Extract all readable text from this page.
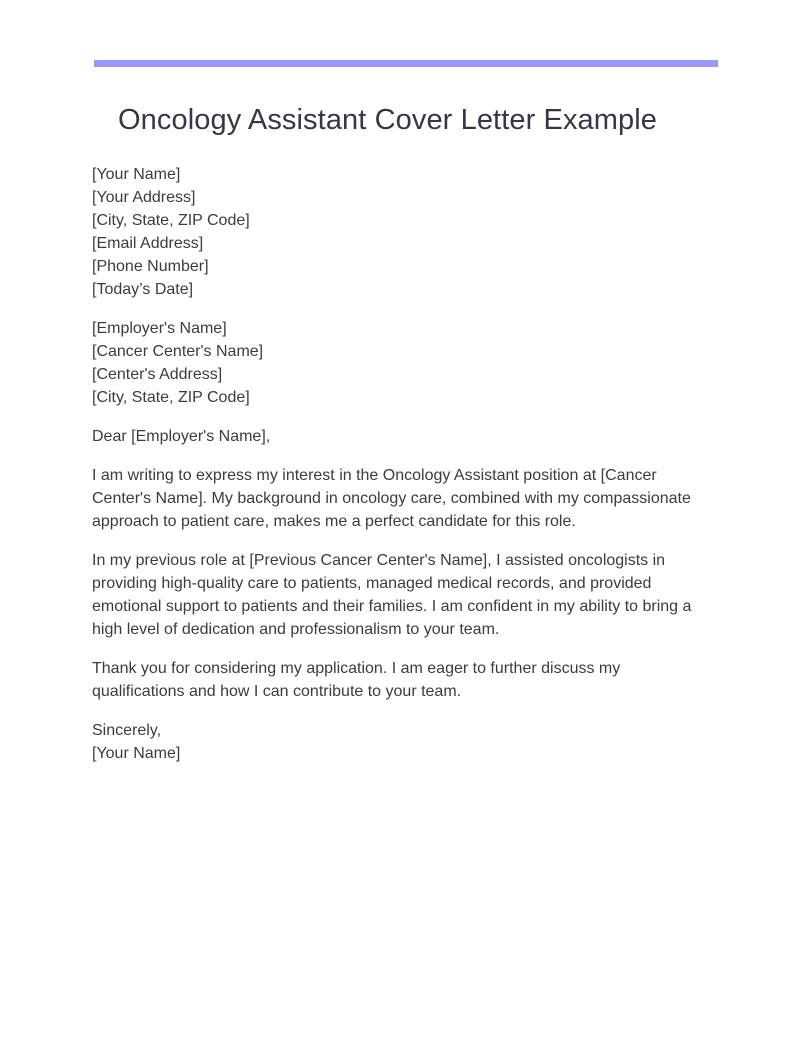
Oncology Assistant Cover Letter Example
[Your Name]
[Your Address]
[City, State, ZIP Code]
[Email Address]
[Phone Number]
[Today’s Date]
[Employer's Name]
[Cancer Center's Name]
[Center's Address]
[City, State, ZIP Code]

Dear [Employer's Name],

I am writing to express my interest in the Oncology Assistant position at [Cancer Center's Name]. My background in oncology care, combined with my compassionate approach to patient care, makes me a perfect candidate for this role.

In my previous role at [Previous Cancer Center's Name], I assisted oncologists in providing high-quality care to patients, managed medical records, and provided emotional support to patients and their families. I am confident in my ability to bring a high level of dedication and professionalism to your team.

Thank you for considering my application. I am eager to further discuss my qualifications and how I can contribute to your team.

Sincerely,
[Your Name]
